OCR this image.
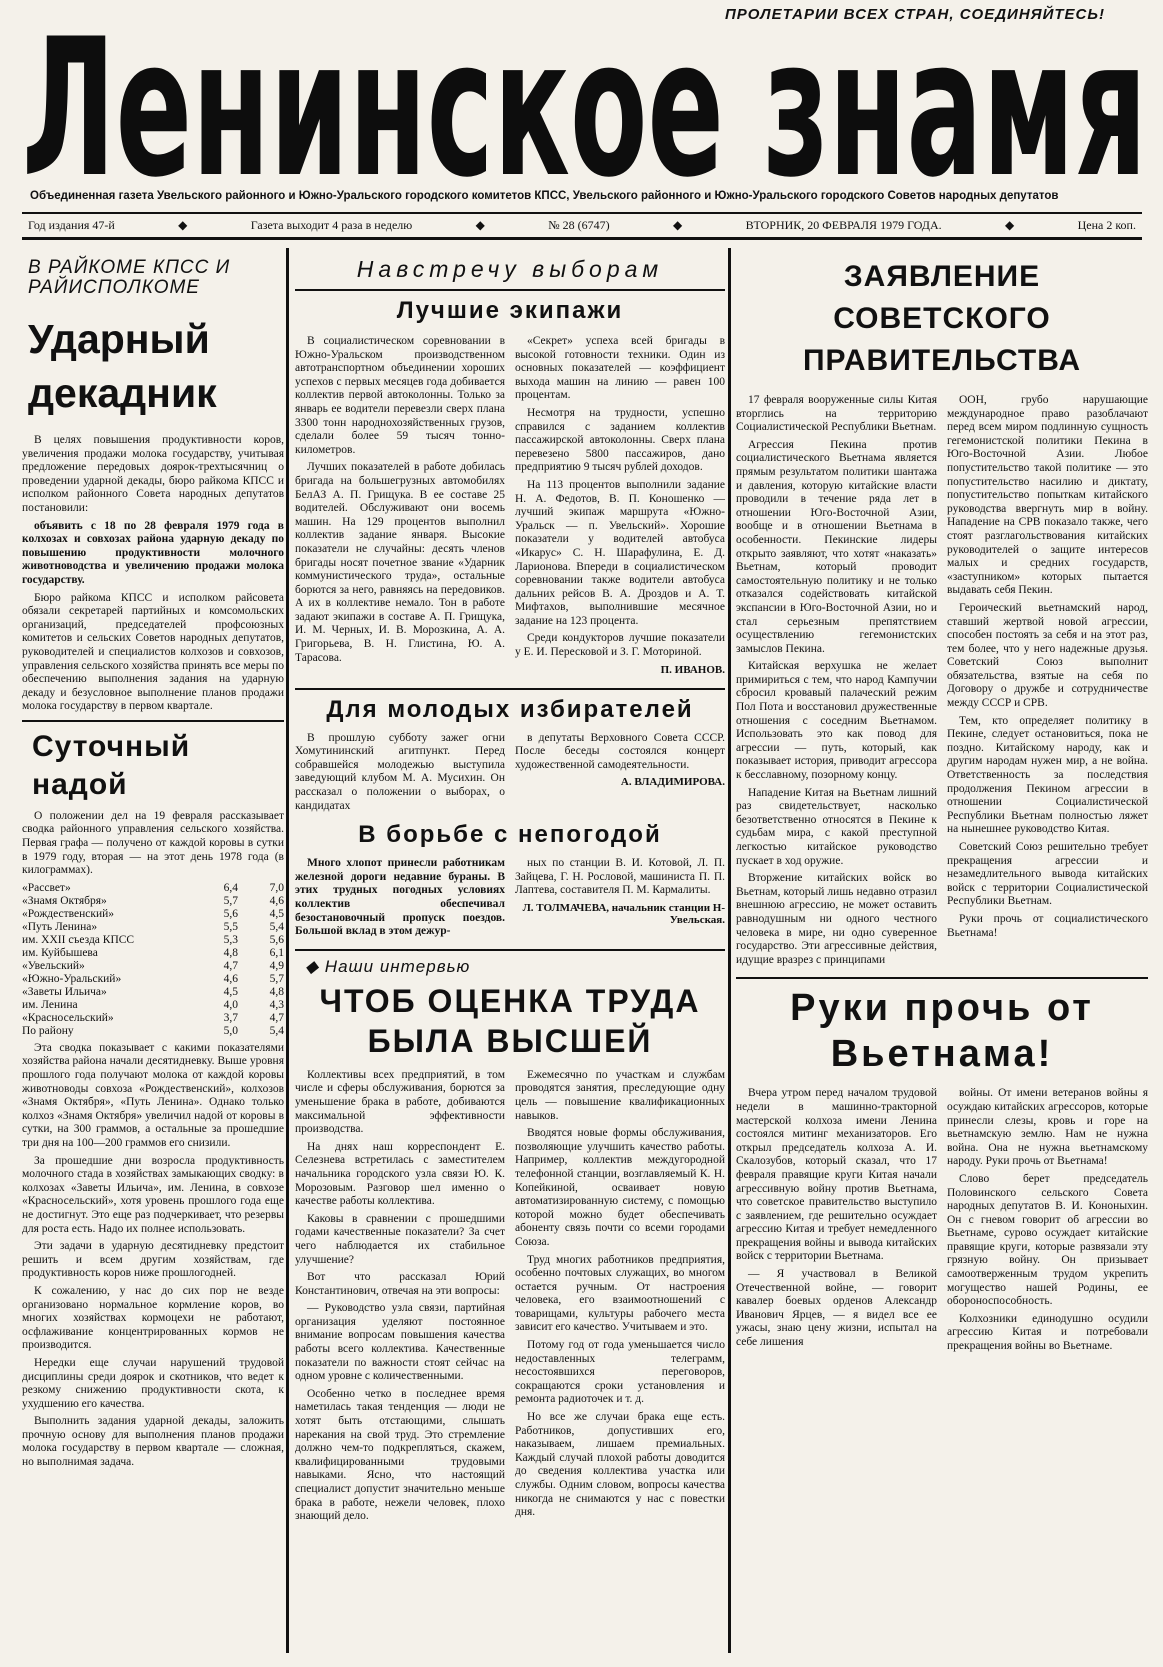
ПРОЛЕТАРИИ ВСЕХ СТРАН, СОЕДИНЯЙТЕСЬ!
Ленинское знамя
Объединенная газета Увельского районного и Южно-Уральского городского комитетов КПСС, Увельского районного и Южно-Уральского городского Советов народных депутатов
Год издания 47-й	◆	Газета выходит 4 раза в неделю	◆	№ 28 (6747)	◆	ВТОРНИК, 20 ФЕВРАЛЯ 1979 ГОДА.	◆	Цена 2 коп.
В РАЙКОМЕ КПСС И РАЙИСПОЛКОМЕ
Ударный декадник

В целях повышения продуктивности коров, увеличения продажи молока государству, учитывая предложение передовых доярок-трехтысячниц о проведении ударной декады, бюро райкома КПСС и исполком районного Совета народных депутатов постановили:

объявить с 18 по 28 февраля 1979 года в колхозах и совхозах района ударную декаду по повышению продуктивности молочного животноводства и увеличению продажи молока государству.

Бюро райкома КПСС и исполком райсовета обязали секретарей партийных и комсомольских организаций, председателей профсоюзных комитетов и сельских Советов народных депутатов, руководителей и специалистов колхозов и совхозов, управления сельского хозяйства принять все меры по обеспечению выполнения задания на ударную декаду и безусловное выполнение планов продажи молока государству в первом квартале.

Суточный надой

О положении дел на 19 февраля рассказывает сводка районного управления сельского хозяйства. Первая графа — получено от каждой коровы в сутки в 1979 году, вторая — на этот день 1978 года (в килограммах).

«Рассвет»	6,4	7,0
«Знамя Октября»	5,7	4,6
«Рождественский»	5,6	4,5
«Путь Ленина»	5,5	5,4
им. XXII съезда КПСС	5,3	5,6
им. Куйбышева	4,8	6,1
«Увельский»	4,7	4,9
«Южно-Уральский»	4,6	5,7
«Заветы Ильича»	4,5	4,8
им. Ленина	4,0	4,3
«Красносельский»	3,7	4,7
По району	5,0	5,4

Эта сводка показывает с какими показателями хозяйства района начали десятидневку. Выше уровня прошлого года получают молока от каждой коровы животноводы совхоза «Рождественский», колхозов «Знамя Октября», «Путь Ленина». Однако только колхоз «Знамя Октября» увеличил надой от коровы в сутки, на 300 граммов, а остальные за прошедшие три дня на 100—200 граммов его снизили.

За прошедшие дни возросла продуктивность молочного стада в хозяйствах замыкающих сводку: в колхозах «Заветы Ильича», им. Ленина, в совхозе «Красносельский», хотя уровень прошлого года еще не достигнут. Это еще раз подчеркивает, что резервы для роста есть. Надо их полнее использовать.

Эти задачи в ударную десятидневку предстоит решить и всем другим хозяйствам, где продуктивность коров ниже прошлогодней.

К сожалению, у нас до сих пор не везде организовано нормальное кормление коров, во многих хозяйствах кормоцехи не работают, осфлаживание концентрированных кормов не производится.

Нередки еще случаи нарушений трудовой дисциплины среди доярок и скотников, что ведет к резкому снижению продуктивности скота, к ухудшению его качества.

Выполнить задания ударной декады, заложить прочную основу для выполнения планов продажи молока государству в первом квартале — сложная, но выполнимая задача.

Навстречу выборам
Лучшие экипажи

В социалистическом соревновании в Южно-Уральском производственном автотранспортном объединении хороших успехов с первых месяцев года добивается коллектив первой автоколонны. Только за январь ее водители перевезли сверх плана 3300 тонн народнохозяйственных грузов, сделали более 59 тысяч тонно-километров.

Лучших показателей в работе добилась бригада на большегрузных автомобилях БелАЗ А. П. Грищука. В ее составе 25 водителей. Обслуживают они восемь машин. На 129 процентов выполнил коллектив задание января. Высокие показатели не случайны: десять членов бригады носят почетное звание «Ударник коммунистического труда», остальные борются за него, равняясь на передовиков. А их в коллективе немало. Тон в работе задают экипажи в составе А. П. Грищука, И. М. Черных, И. В. Морозкина, А. А. Григорьева, В. Н. Глистина, Ю. А. Тарасова.

«Секрет» успеха всей бригады в высокой готовности техники. Один из основных показателей — коэффициент выхода машин на линию — равен 100 процентам.

Несмотря на трудности, успешно справился с заданием коллектив пассажирской автоколонны. Сверх плана перевезено 5800 пассажиров, дано предприятию 9 тысяч рублей доходов.

На 113 процентов выполнили задание Н. А. Федотов, В. П. Коношенко — лучший экипаж маршрута «Южно-Уральск — п. Увельский». Хорошие показатели у водителей автобуса «Икарус» С. Н. Шарафулина, Е. Д. Ларионова. Впереди в социалистическом соревновании также водители автобуса дальних рейсов В. А. Дроздов и А. Т. Мифтахов, выполнившие месячное задание на 123 процента.

Среди кондукторов лучшие показатели у Е. И. Пересковой и З. Г. Моториной.

П. ИВАНОВ.
Для молодых избирателей

В прошлую субботу зажег огни Хомутининский агитпункт. Перед собравшейся молодежью выступила заведующий клубом М. А. Мусихин. Он рассказал о положении о выборах, о кандидатах

в депутаты Верховного Совета СССР. После беседы состоялся концерт художественной самодеятельности.

А. ВЛАДИМИРОВА.
В борьбе с непогодой

Много хлопот принесли работникам железной дороги недавние бураны. В этих трудных погодных условиях коллектив обеспечивал безостановочный пропуск поездов. Большой вклад в этом дежур-

ных по станции В. И. Котовой, Л. П. Зайцева, Г. Н. Рословой, машиниста П. П. Лаптева, составителя П. М. Кармалиты.

Л. ТОЛМАЧЕВА, начальник станции Н-Увельская.
◆ Наши интервью
ЧТОБ ОЦЕНКА ТРУДА БЫЛА ВЫСШЕЙ

Коллективы всех предприятий, в том числе и сферы обслуживания, борются за уменьшение брака в работе, добиваются максимальной эффективности производства.

На днях наш корреспондент Е. Селезнева встретилась с заместителем начальника городского узла связи Ю. К. Морозовым. Разговор шел именно о качестве работы коллектива.

Каковы в сравнении с прошедшими годами качественные показатели? За счет чего наблюдается их стабильное улучшение?

Вот что рассказал Юрий Константинович, отвечая на эти вопросы:

— Руководство узла связи, партийная организация уделяют постоянное внимание вопросам повышения качества работы всего коллектива. Качественные показатели по важности стоят сейчас на одном уровне с количественными.

Особенно четко в последнее время наметилась такая тенденция — люди не хотят быть отстающими, слышать нарекания на свой труд. Это стремление должно чем-то подкрепляться, скажем, квалифицированными трудовыми навыками. Ясно, что настоящий специалист допустит значительно меньше брака в работе, нежели человек, плохо знающий дело.

Ежемесячно по участкам и службам проводятся занятия, преследующие одну цель — повышение квалификационных навыков.

Вводятся новые формы обслуживания, позволяющие улучшить качество работы. Например, коллектив междугородной телефонной станции, возглавляемый К. Н. Копейкиной, осваивает новую автоматизированную систему, с помощью которой можно будет обеспечивать абоненту связь почти со всеми городами Союза.

Труд многих работников предприятия, особенно почтовых служащих, во многом остается ручным. От настроения человека, его взаимоотношений с товарищами, культуры рабочего места зависит его качество. Учитываем и это.

Потому год от года уменьшается число недоставленных телеграмм, несостоявшихся переговоров, сокращаются сроки установления и ремонта радиоточек и т. д.

Но все же случаи брака еще есть. Работников, допустивших его, наказываем, лишаем премиальных. Каждый случай плохой работы доводится до сведения коллектива участка или службы. Одним словом, вопросы качества никогда не снимаются у нас с повестки дня.

ЗАЯВЛЕНИЕ СОВЕТСКОГО ПРАВИТЕЛЬСТВА

17 февраля вооруженные силы Китая вторглись на территорию Социалистической Республики Вьетнам.

Агрессия Пекина против социалистического Вьетнама является прямым результатом политики шантажа и давления, которую китайские власти проводили в течение ряда лет в отношении Юго-Восточной Азии, вообще и в отношении Вьетнама в особенности. Пекинские лидеры открыто заявляют, что хотят «наказать» Вьетнам, который проводит самостоятельную политику и не только отказался содействовать китайской экспансии в Юго-Восточной Азии, но и стал серьезным препятствием осуществлению гегемонистских замыслов Пекина.

Китайская верхушка не желает примириться с тем, что народ Кампучии сбросил кровавый палаческий режим Пол Пота и восстановил дружественные отношения с соседним Вьетнамом. Использовать это как повод для агрессии — путь, который, как показывает история, приводит агрессора к бесславному, позорному концу.

Нападение Китая на Вьетнам лишний раз свидетельствует, насколько безответственно относятся в Пекине к судьбам мира, с какой преступной легкостью китайское руководство пускает в ход оружие.

Вторжение китайских войск во Вьетнам, который лишь недавно отразил внешнюю агрессию, не может оставить равнодушным ни одного честного человека в мире, ни одно суверенное государство. Эти агрессивные действия, идущие вразрез с принципами

ООН, грубо нарушающие международное право разоблачают перед всем миром подлинную сущность гегемонистской политики Пекина в Юго-Восточной Азии. Любое попустительство такой политике — это попустительство насилию и диктату, попустительство попыткам китайского руководства ввергнуть мир в войну. Нападение на СРВ показало также, чего стоят разглагольствования китайских руководителей о защите интересов малых и средних государств, «заступником» которых пытается выдавать себя Пекин.

Героический вьетнамский народ, ставший жертвой новой агрессии, способен постоять за себя и на этот раз, тем более, что у него надежные друзья. Советский Союз выполнит обязательства, взятые на себя по Договору о дружбе и сотрудничестве между СССР и СРВ.

Тем, кто определяет политику в Пекине, следует остановиться, пока не поздно. Китайскому народу, как и другим народам нужен мир, а не война. Ответственность за последствия продолжения Пекином агрессии в отношении Социалистической Республики Вьетнам полностью ляжет на нынешнее руководство Китая.

Советский Союз решительно требует прекращения агрессии и незамедлительного вывода китайских войск с территории Социалистической Республики Вьетнам.

Руки прочь от социалистического Вьетнама!

Руки прочь от Вьетнама!

Вчера утром перед началом трудовой недели в машинно-тракторной мастерской колхоза имени Ленина состоялся митинг механизаторов. Его открыл председатель колхоза А. И. Скалозубов, который сказал, что 17 февраля правящие круги Китая начали агрессивную войну против Вьетнама, что советское правительство выступило с заявлением, где решительно осуждает агрессию Китая и требует немедленного прекращения войны и вывода китайских войск с территории Вьетнама.

— Я участвовал в Великой Отечественной войне, — говорит кавалер боевых орденов Александр Иванович Ярцев, — я видел все ее ужасы, знаю цену жизни, испытал на себе лишения

войны. От имени ветеранов войны я осуждаю китайских агрессоров, которые принесли слезы, кровь и горе на вьетнамскую землю. Нам не нужна война. Она не нужна вьетнамскому народу. Руки прочь от Вьетнама!

Слово берет председатель Половинского сельского Совета народных депутатов В. И. Кононыхин. Он с гневом говорит об агрессии во Вьетнаме, сурово осуждает китайские правящие круги, которые развязали эту грязную войну. Он призывает самоотверженным трудом укрепить могущество нашей Родины, ее обороноспособность.

Колхозники единодушно осудили агрессию Китая и потребовали прекращения войны во Вьетнаме.
